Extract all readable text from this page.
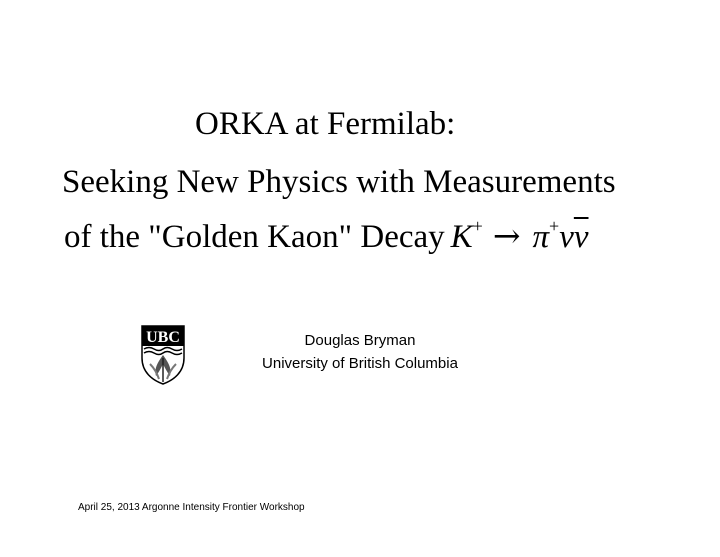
ORKA at Fermilab:
Seeking New Physics with Measurements
of the "Golden Kaon" Decay $K^+ \to \pi^+\nu\overline{\nu}$
UBC	Douglas Bryman
University of British Columbia
April 25, 2013 Argonne Intensity Frontier Workshop
